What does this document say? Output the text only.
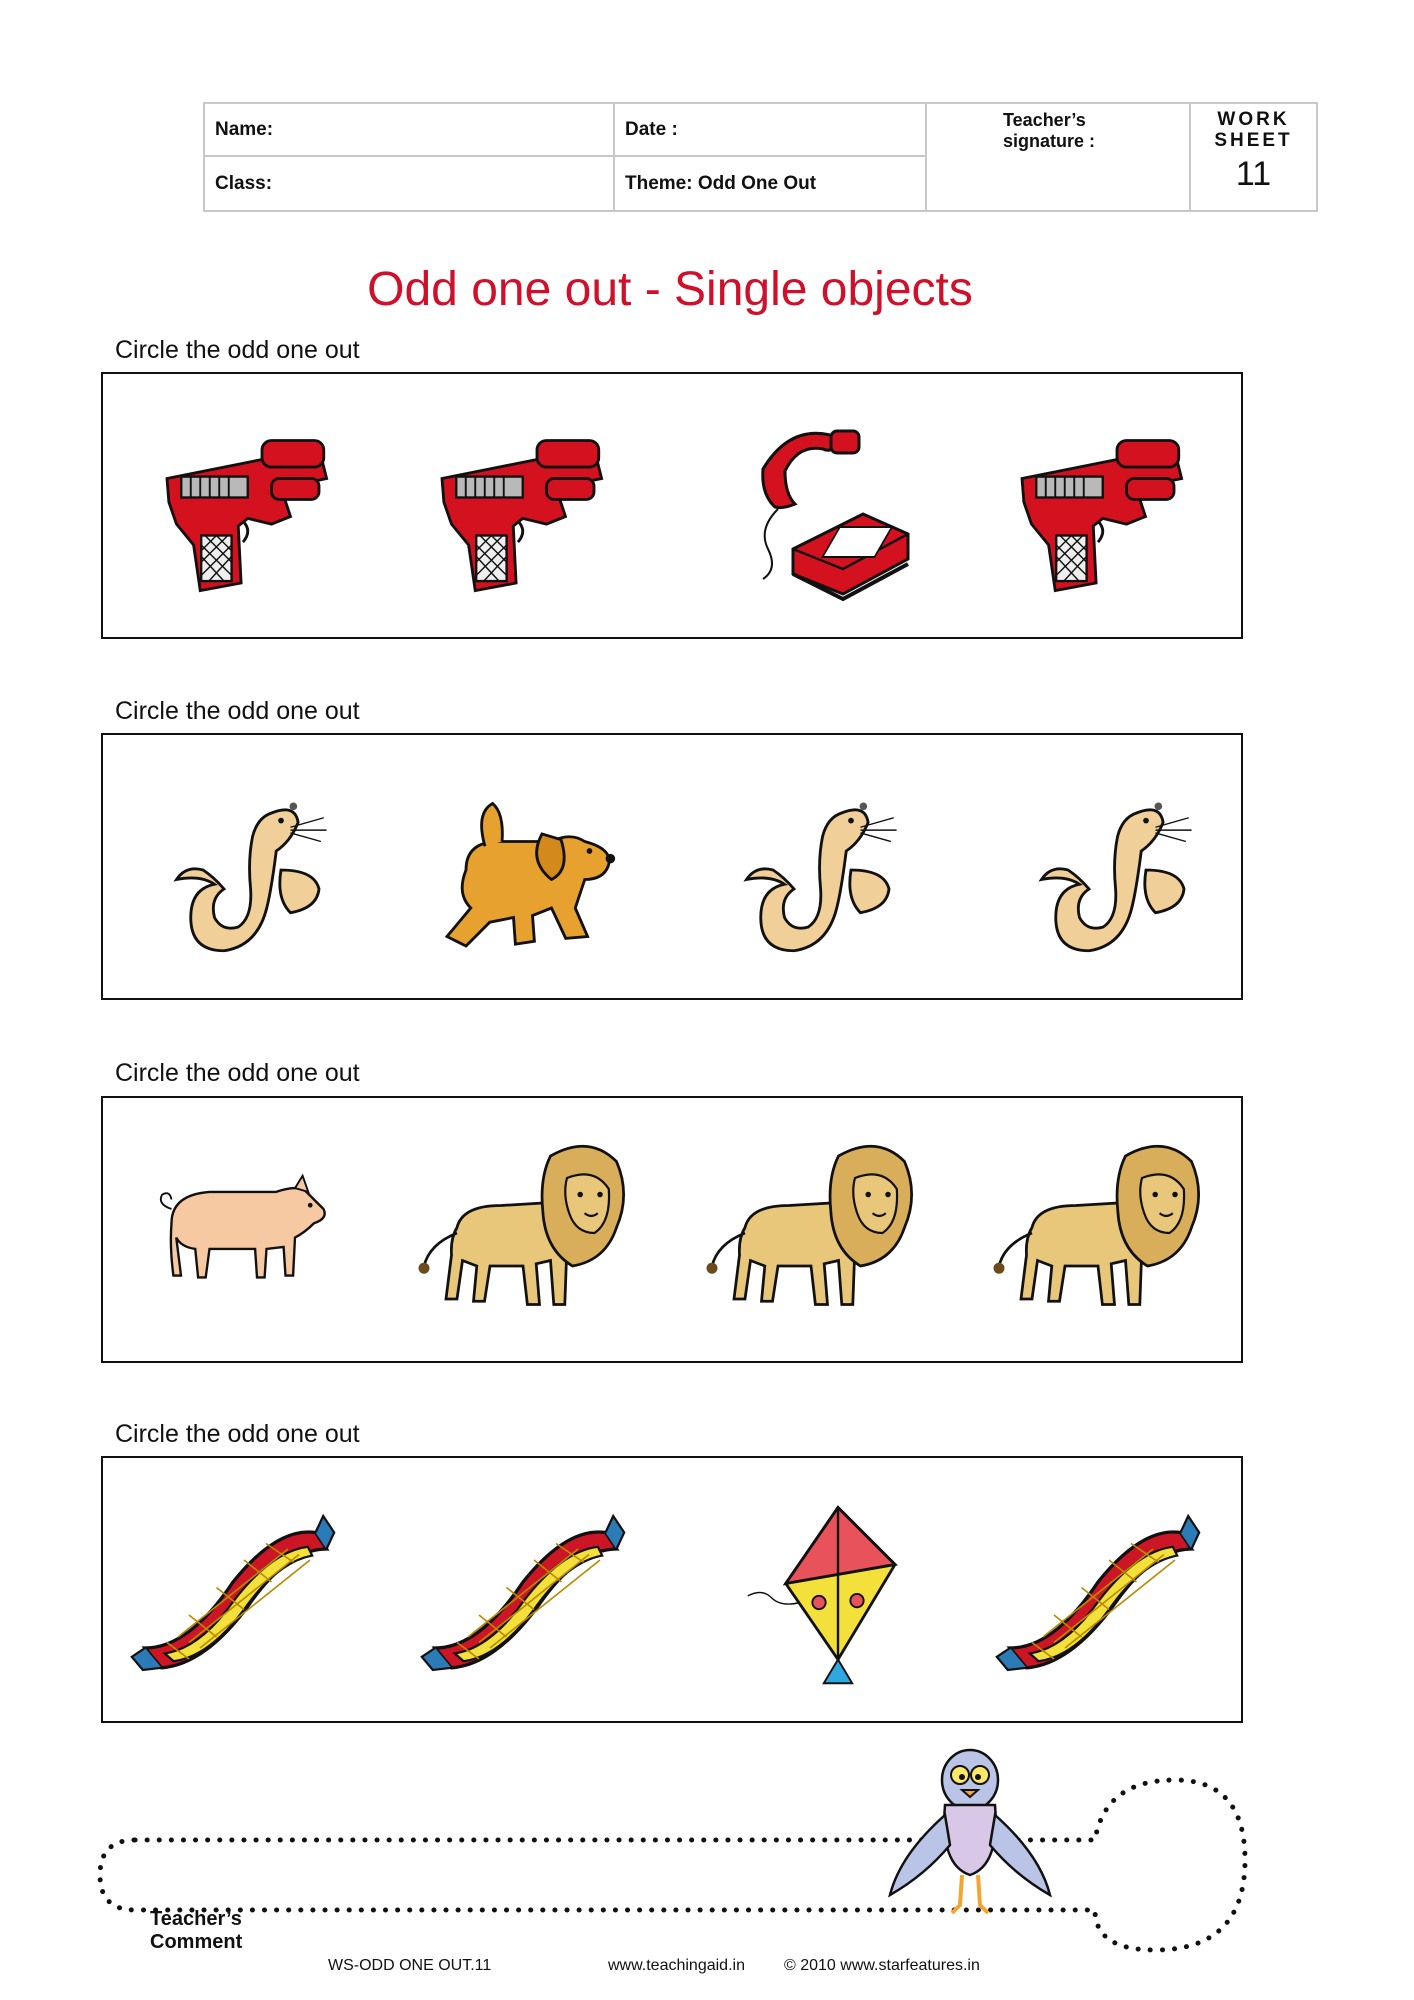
Name:	Date :
Class:	Theme: Odd One Out
Teacher’s
signature :
WORK
SHEET
11
Odd one out - Single objects
Circle the odd one out
Circle the odd one out
Circle the odd one out
Circle the odd one out
Teacher’s
Comment
WS-ODD ONE OUT.11	www.teachingaid.in © 2010 www.starfeatures.in
